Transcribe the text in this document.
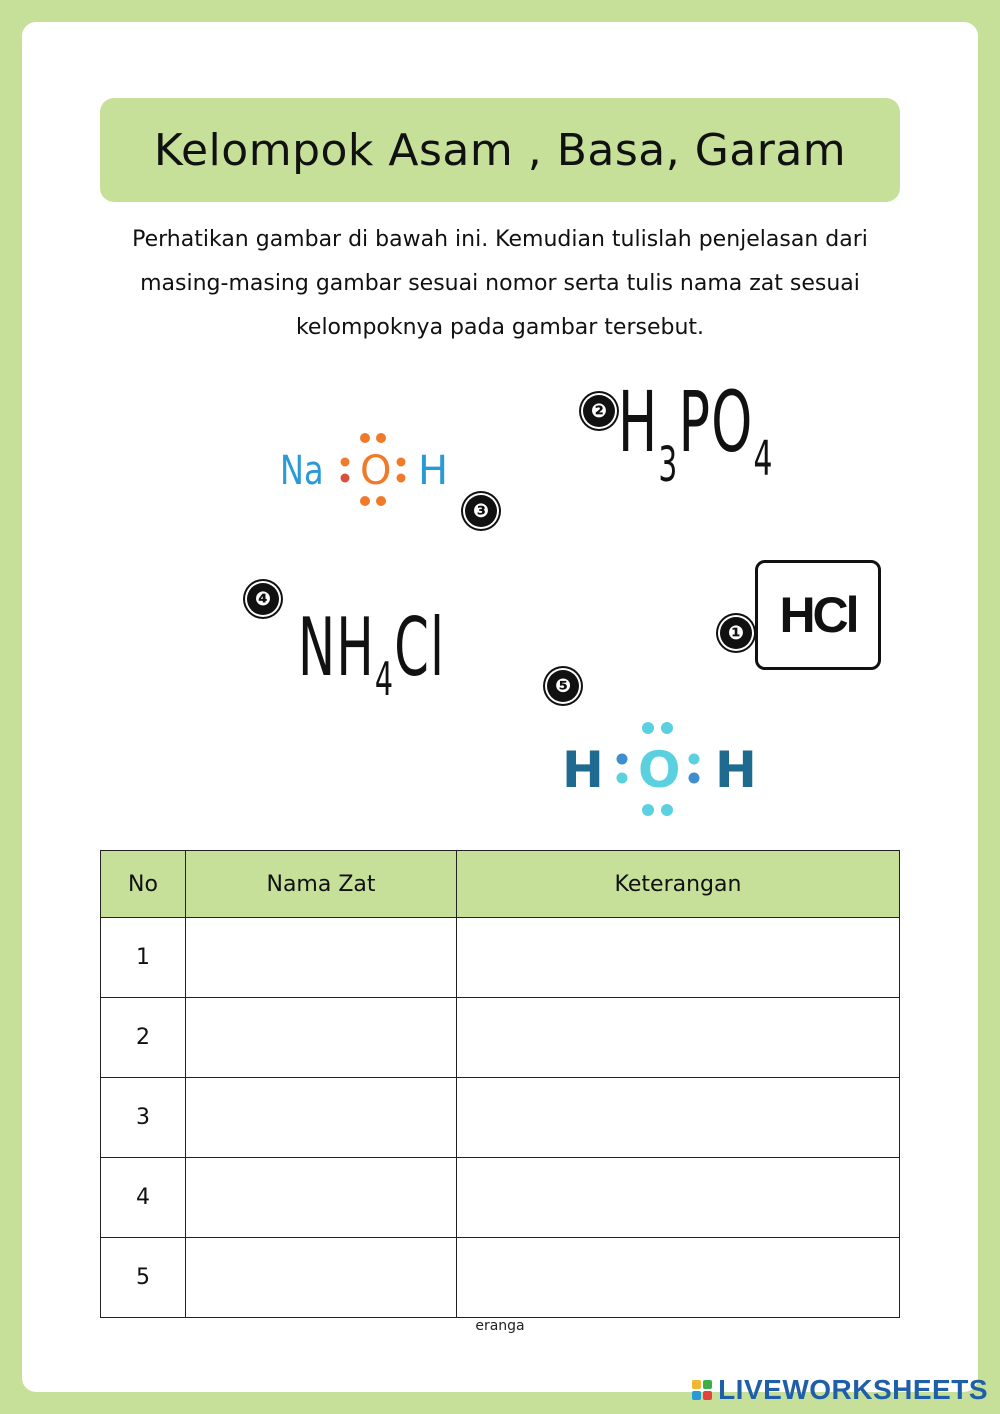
Kelompok Asam , Basa, Garam
Perhatikan gambar di bawah ini. Kemudian tulislah penjelasan dari masing-masing gambar sesuai nomor serta tulis nama zat sesuai kelompoknya pada gambar tersebut.
❷ $H_3PO_4$
Na O H
❸
❹
$NH_4Cl$	❶ HCl
❺
H O H
No	Nama Zat	Keterangan
1		
2		
3		
4		
5		
eranga
LIVEWORKSHEETS
